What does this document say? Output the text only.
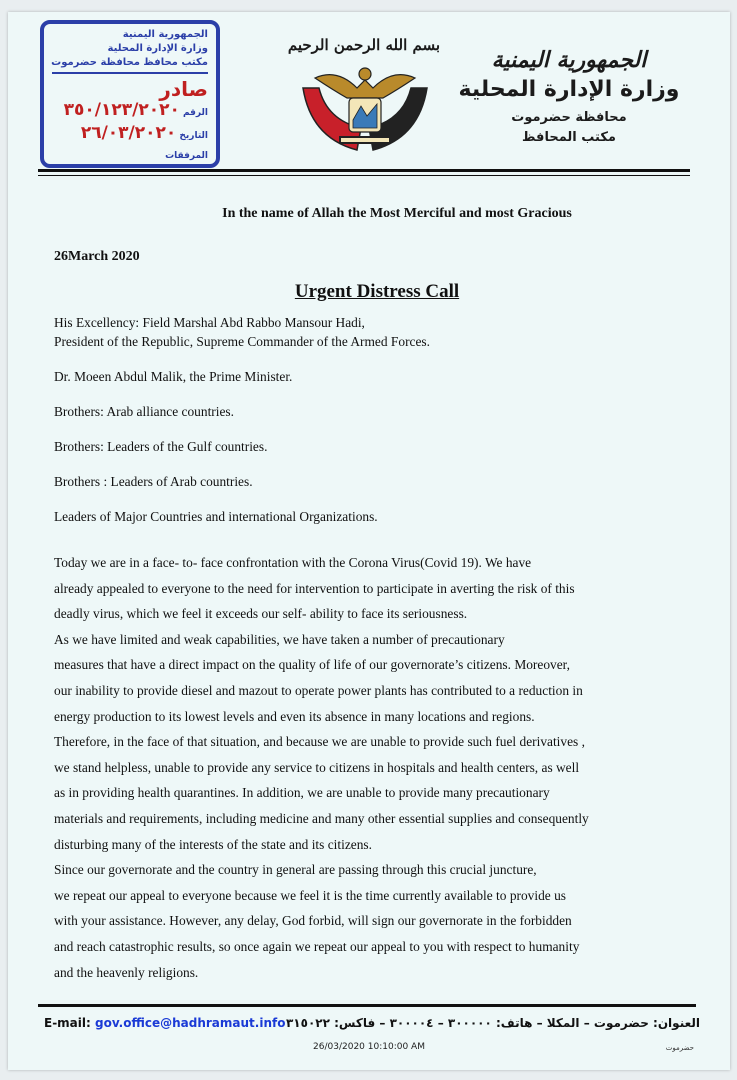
الجمهورية اليمنية
وزارة الإدارة المحلية
مكتب محافظ محافظة حضرموت
صادر
الرقم ٣٥٠/١٢٣/٢٠٢٠
التاريخ ٢٦/٠٣/٢٠٢٠
المرفقات
بسم الله الرحمن الرحيم
الجمهورية اليمنية
وزارة الإدارة المحلية
محافظة حضرموت
مكتب المحافظ
In the name of Allah the Most Merciful and most Gracious
26March 2020
Urgent Distress Call
His Excellency: Field Marshal Abd Rabbo Mansour Hadi,
President of the Republic, Supreme Commander of the Armed Forces.
Dr. Moeen Abdul Malik, the Prime Minister.
Brothers: Arab alliance countries.
Brothers: Leaders of the Gulf countries.
Brothers : Leaders of Arab countries.
Leaders of Major Countries and international Organizations.
Today we are in a face- to- face confrontation with the Corona Virus(Covid 19). We have
already appealed to everyone to the need for intervention to participate in averting the risk of this
deadly virus, which we feel it exceeds our self- ability to face its seriousness.
As we have limited and weak capabilities, we have taken a number of precautionary
measures that have a direct impact on the quality of life of our governorate’s citizens. Moreover,
our inability to provide diesel and mazout to operate power plants has contributed to a reduction in
energy production to its lowest levels and even its absence in many locations and regions.
Therefore, in the face of that situation, and because we are unable to provide such fuel derivatives ,
we stand helpless, unable to provide any service to citizens in hospitals and health centers, as well
as in providing health quarantines. In addition, we are unable to provide many precautionary
materials and requirements, including medicine and many other essential supplies and consequently
disturbing many of the interests of the state and its citizens.
Since our governorate and the country in general are passing through this crucial juncture,
we repeat our appeal to everyone because we feel it is the time currently available to provide us
with your assistance. However, any delay, God forbid, will sign our governorate in the forbidden
and reach catastrophic results, so once again we repeat our appeal to you with respect to humanity
and the heavenly religions.
E-mail: gov.office@hadhramaut.info العنوان: حضرموت – المكلا – هاتف: ٣٠٠٠٠٠ – ٣٠٠٠٠٤ – فاكس: ٣١٥٠٢٢
26/03/2020 10:10:00 AM	حضرموت
